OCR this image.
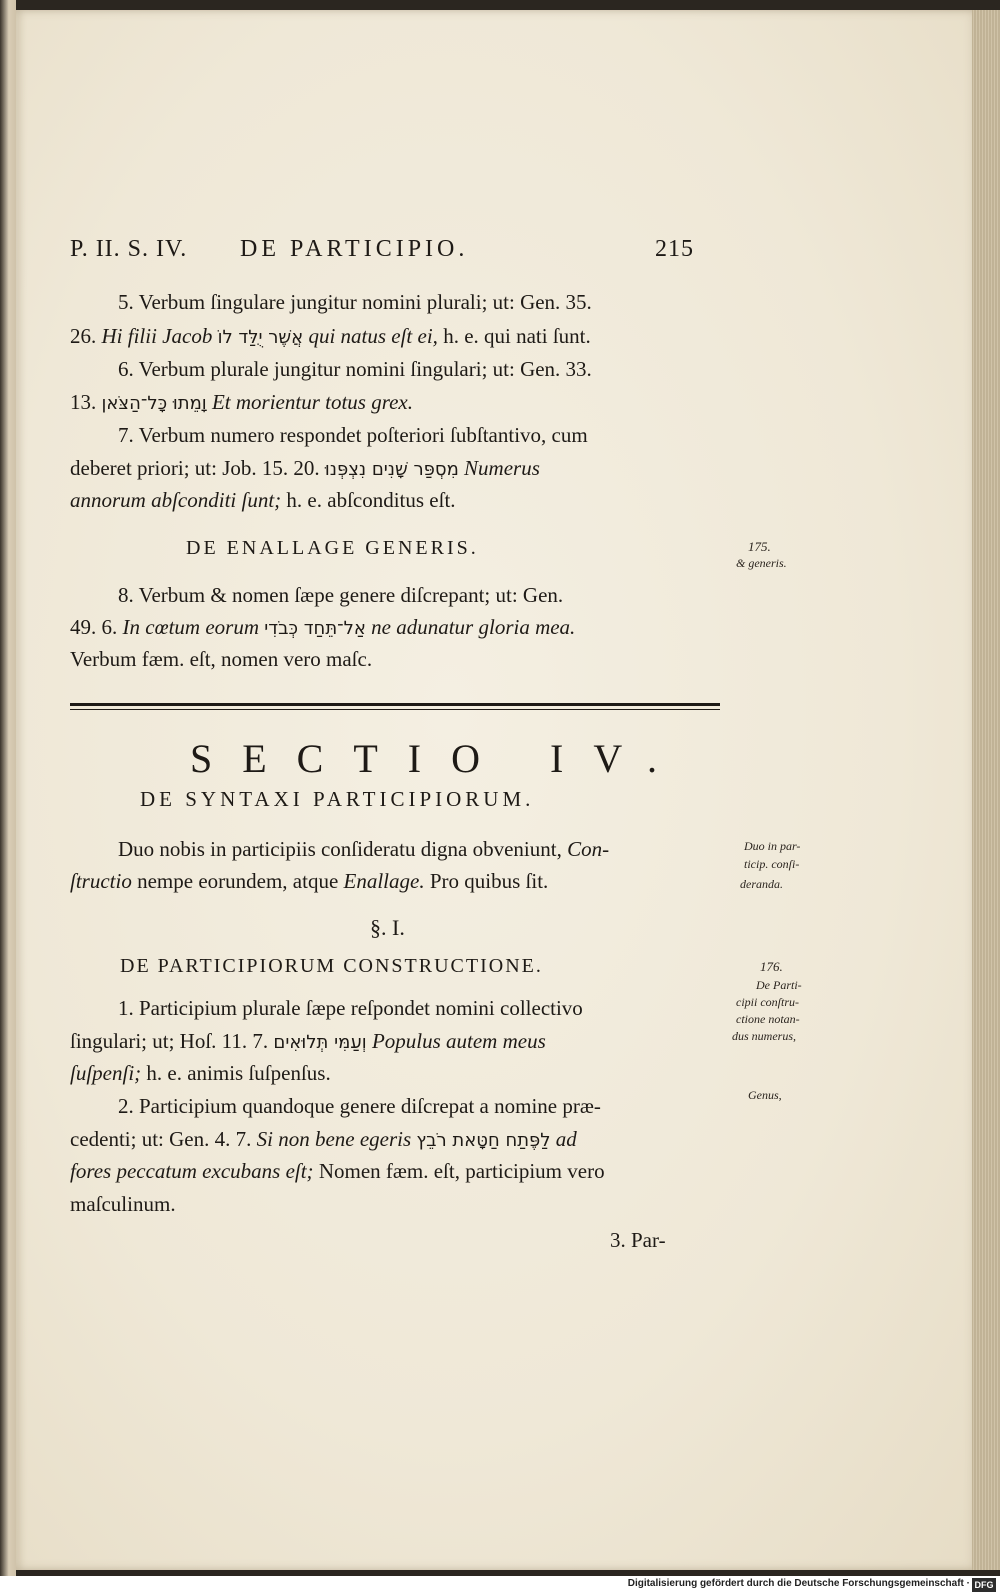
P. II. S. IV. DE PARTICIPIO.	215
5. Verbum ſingulare jungitur nomini plurali; ut: Gen. 35.
26. Hi filii Jacob אֲשֶׁר יֻלַּד לוֹ qui natus eſt ei, h. e. qui nati ſunt.
6. Verbum plurale jungitur nomini ſingulari; ut: Gen. 33.
13. וָמֵתוּ כָּל־הַצֹּאן Et morientur totus grex.
7. Verbum numero respondet poſteriori ſubſtantivo, cum
deberet priori; ut: Job. 15. 20. מִסְפַּר שָׁנִים נִצְפְּנוּ Numerus
annorum abſconditi ſunt; h. e. abſconditus eſt.
DE ENALLAGE GENERIS.
8. Verbum & nomen ſæpe genere diſcrepant; ut: Gen.
49. 6. In cœtum eorum אַל־תֵּחַד כְּבֹדִי ne adunatur gloria mea.
Verbum fæm. eſt, nomen vero maſc.
SECTIO IV.
DE SYNTAXI PARTICIPIORUM.
Duo nobis in participiis conſideratu digna obveniunt, Con-
ſtructio nempe eorundem, atque Enallage. Pro quibus ſit.
§. I.
DE PARTICIPIORUM CONSTRUCTIONE.
1. Participium plurale ſæpe reſpondet nomini collectivo
ſingulari; ut; Hoſ. 11. 7. וְעַמִּי תְּלוּאִים Populus autem meus
ſuſpenſi; h. e. animis ſuſpenſus.
2. Participium quandoque genere diſcrepat a nomine præ-
cedenti; ut: Gen. 4. 7. Si non bene egeris לַפֶּתַח חַטָּאת רֹבֵץ ad
fores peccatum excubans eſt; Nomen fæm. eſt, participium vero
maſculinum.
3. Par-
175.
& generis.
Duo in par-
ticip. conſi-
deranda.
176.
De Parti-
cipii conſtru-
ctione notan-
dus numerus,
Genus,
Digitalisierung gefördert durch die Deutsche Forschungsgemeinschaft · DFG
